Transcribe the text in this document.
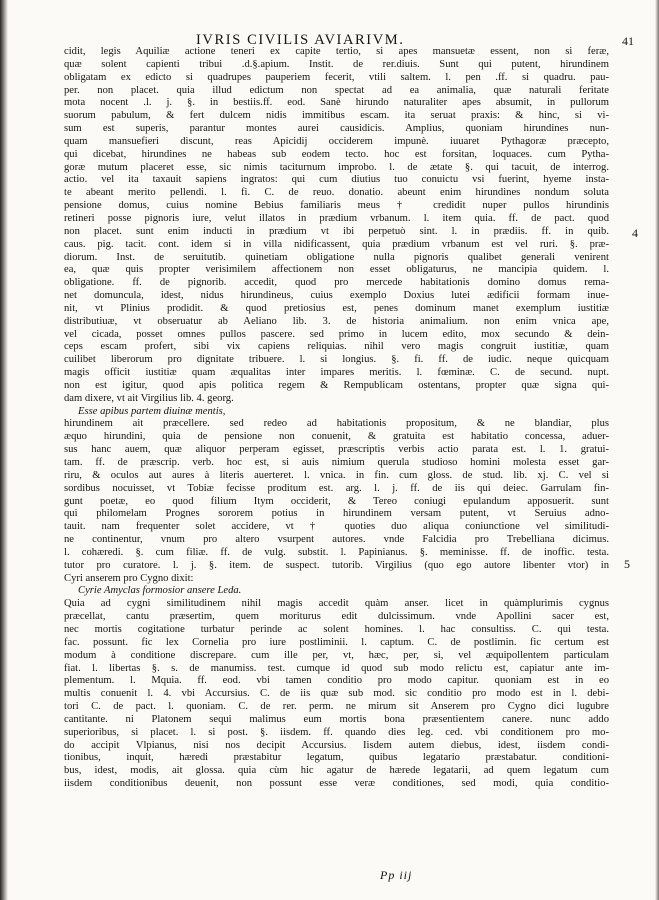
IVRIS CIVILIS AVIARIVM.	41
cidit, legis Aquiliæ actione teneri ex capite tertio, si apes mansuetæ essent, non si feræ,
quæ solent capienti tribui .d.§.apium. Instit. de rer.diuis. Sunt qui putent, hirundinem
obligatam ex edicto si quadrupes pauperiem fecerit, vtili saltem. l. pen .ff. si quadru. pau-
per. non placet. quia illud edictum non spectat ad ea animalia, quæ naturali feritate
mota nocent .l. j. §. in bestiis.ff. eod. Sanè hirundo naturaliter apes absumit, in pullorum
suorum pabulum, & fert dulcem nidis immitibus escam. ita seruat praxis: & hinc, si vi-
sum est superis, parantur montes aurei causidicis. Amplius, quoniam hirundines nun-
quam mansuefieri discunt, reas Apicidij occiderem impunè. iuuaret Pythagoræ præcepto,
qui dicebat, hirundines ne habeas sub eodem tecto. hoc est forsitan, loquaces. cum Pytha-
goræ mutum placeret esse, sic nimis taciturnum improbo. l. de ætate §. qui tacuit, de interrog.
actio. vel ita taxauit sapiens ingratos: qui cum diutius tuo conuictu vsi fuerint, hyeme insta-
te abeant merito pellendi. l. fi. C. de reuo. donatio. abeunt enim hirundines nondum soluta
pensione domus, cuius nomine Bebius familiaris meus † credidit nuper pullos hirundinis
retineri posse pignoris iure, velut illatos in prædium vrbanum. l. item quia. ff. de pact. quod
non placet. sunt enim inducti in prædium vt ibi perpetuò sint. l. in prædiis. ff. in quib.
caus. pig. tacit. cont. idem si in villa nidificassent, quia prædium vrbanum est vel ruri. §. præ-
diorum. Inst. de seruitutib. quinetiam obligatione nulla pignoris qualibet generali venirent
ea, quæ quis propter verisimilem affectionem non esset obligaturus, ne mancipia quidem. l.
obligatione. ff. de pignorib. accedit, quod pro mercede habitationis domino domus rema-
net domuncula, idest, nidus hirundineus, cuius exemplo Doxius lutei ædificii formam inue-
nit, vt Plinius prodidit. & quod pretiosius est, penes dominum manet exemplum iustitiæ
distributiuæ, vt obseruatur ab Aeliano lib. 3. de historia animalium. non enim vnica ape,
vel cicada, posset omnes pullos pascere. sed primo in lucem edito, mox secundo & dein-
ceps escam profert, sibi vix capiens reliquias. nihil vero magis congruit iustitiæ, quam
cuilibet liberorum pro dignitate tribuere. l. si longius. §. fi. ff. de iudic. neque quicquam
magis officit iustitiæ quam æqualitas inter impares meritis. l. fœminæ. C. de secund. nupt.
non est igitur, quod apis politica regem & Rempublicam ostentans, propter quæ signa qui-
dam dixere, vt ait Virgilius lib. 4. georg.
Esse apibus partem diuinæ mentis,
hirundinem ait præcellere. sed redeo ad habitationis propositum, & ne blandiar, plus
æquo hirundini, quia de pensione non conuenit, & gratuita est habitatio concessa, aduer-
sus hanc auem, quæ aliquor perperam egisset, præscriptis verbis actio parata est. l. 1. gratui-
tam. ff. de præscrip. verb. hoc est, si auis nimium querula studioso homini molesta esset gar-
riru, & oculos aut aures à literis auerteret. l. vnica. in fin. cum gloss. de stud. lib. xj. C. vel si
sordibus nocuisset, vt Tobiæ fecisse proditum est. arg. l. j. ff. de iis qui deiec. Garrulam fin-
gunt poetæ, eo quod filium Itym occiderit, & Tereo coniugi epulandum apposuerit. sunt
qui philomelam Prognes sororem potius in hirundinem versam putent, vt Seruius adno-
tauit. nam frequenter solet accidere, vt † quoties duo aliqua coniunctione vel similitudi-
ne continentur, vnum pro altero vsurpent autores. vnde Falcidia pro Trebelliana dicimus.
l. cohæredi. §. cum filiæ. ff. de vulg. substit. l. Papinianus. §. meminisse. ff. de inoffic. testa.
tutor pro curatore. l. j. §. item. de suspect. tutorib. Virgilius (quo ego autore libenter vtor) in
Cyri anserem pro Cygno dixit:
Cyrie Amyclas formosior ansere Leda.
Quia ad cygni similitudinem nihil magis accedit quàm anser. licet in quàmplurimis cygnus
præcellat, cantu præsertim, quem moriturus edit dulcissimum. vnde Apollini sacer est,
nec mortis cogitatione turbatur perinde ac solent homines. l. hac consultiss. C. qui testa.
fac. possunt. fic lex Cornelia pro iure postliminii. l. captum. C. de postlimin. fic certum est
modum à conditione discrepare. cum ille per, vt, hæc, per, si, vel æquipollentem particulam
fiat. l. libertas §. s. de manumiss. test. cumque id quod sub modo relictu est, capiatur ante im-
plementum. l. Mquia. ff. eod. vbi tamen conditio pro modo capitur. quoniam est in eo
multis conuenit l. 4. vbi Accursius. C. de iis quæ sub mod. sic conditio pro modo est in l. debi-
tori C. de pact. l. quoniam. C. de rer. perm. ne mirum sit Anserem pro Cygno dici lugubre
cantitante. ni Platonem sequi malimus eum mortis bona præsentientem canere. nunc addo
superioribus, si placet. l. si post. §. iisdem. ff. quando dies leg. ced. vbi conditionem pro mo-
do accipit Vlpianus, nisi nos decipit Accursius. Iisdem autem diebus, idest, iisdem condi-
tionibus, inquit, hæredi præstabitur legatum, quibus legatario præstabatur. conditioni-
bus, idest, modis, ait glossa. quia cùm hic agatur de hærede legatarii, ad quem legatum cum
iisdem conditionibus deuenit, non possunt esse veræ conditiones, sed modi, quia conditio-
4
5
Pp iij
